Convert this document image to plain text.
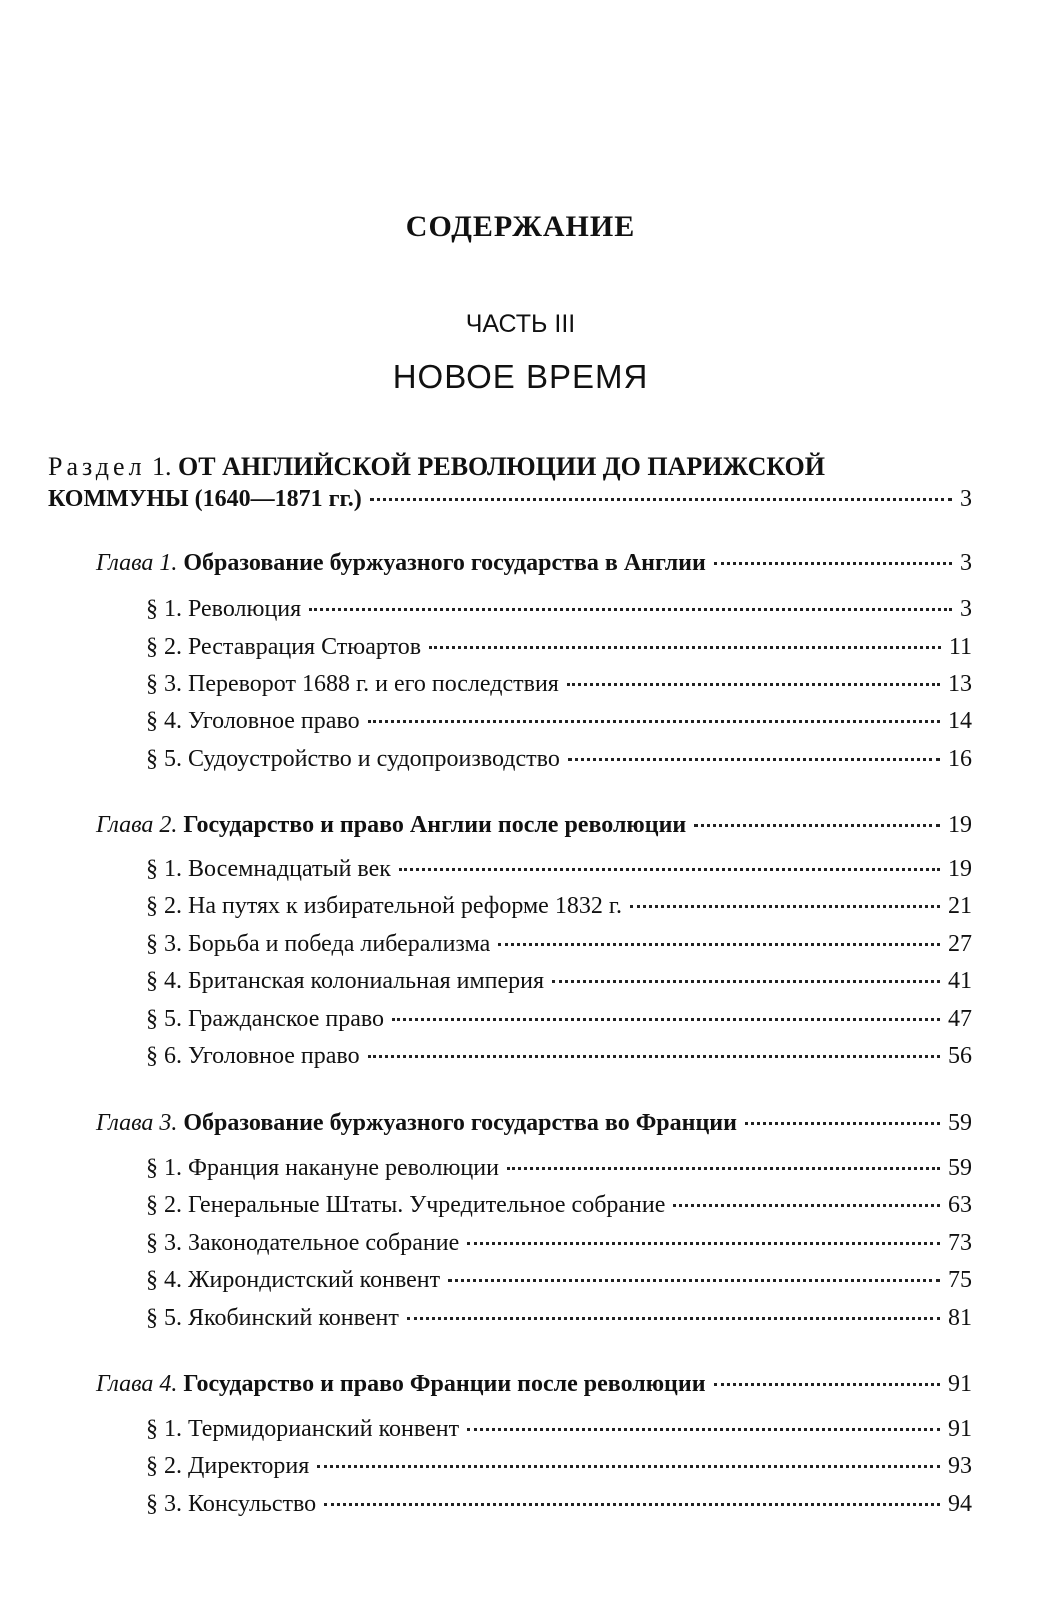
СОДЕРЖАНИЕ
ЧАСТЬ III
НОВОЕ ВРЕМЯ
Раздел 1. ОТ АНГЛИЙСКОЙ РЕВОЛЮЦИИ ДО ПАРИЖСКОЙ
КОММУНЫ (1640—1871 гг.)	3
Глава 1. Образование буржуазного государства в Англии	3
§ 1. Революция	3
§ 2. Реставрация Стюартов	11
§ 3. Переворот 1688 г. и его последствия	13
§ 4. Уголовное право	14
§ 5. Судоустройство и судопроизводство	16
Глава 2. Государство и право Англии после революции	19
§ 1. Восемнадцатый век	19
§ 2. На путях к избирательной реформе 1832 г.	21
§ 3. Борьба и победа либерализма	27
§ 4. Британская колониальная империя	41
§ 5. Гражданское право	47
§ 6. Уголовное право	56
Глава 3. Образование буржуазного государства во Франции	59
§ 1. Франция накануне революции	59
§ 2. Генеральные Штаты. Учредительное собрание	63
§ 3. Законодательное собрание	73
§ 4. Жирондистский конвент	75
§ 5. Якобинский конвент	81
Глава 4. Государство и право Франции после революции	91
§ 1. Термидорианский конвент	91
§ 2. Директория	93
§ 3. Консульство	94
